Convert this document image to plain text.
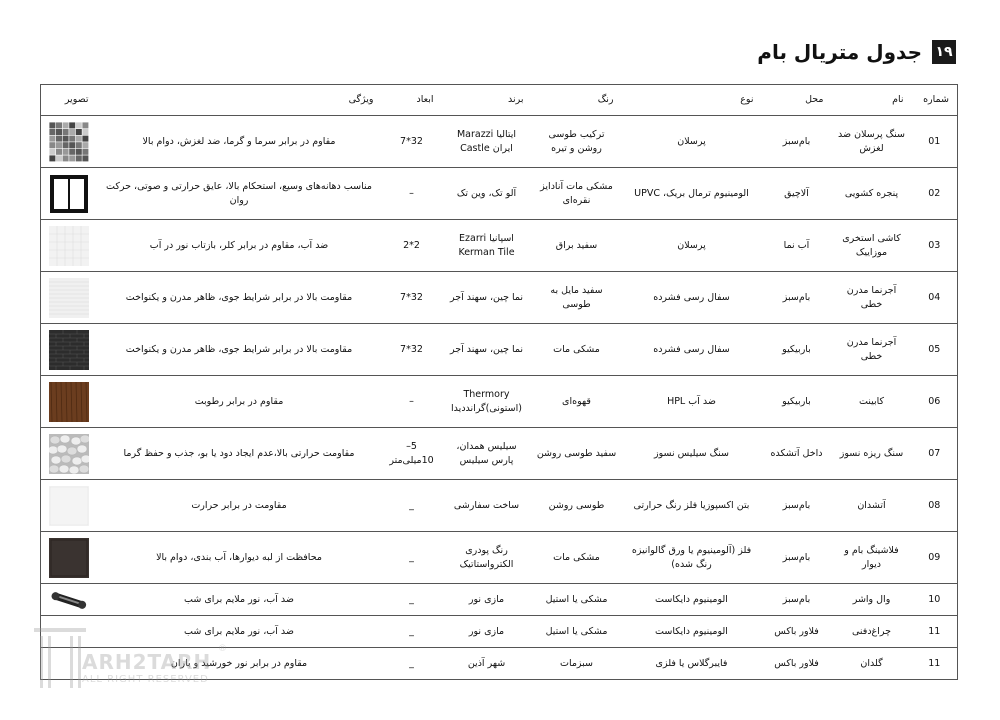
۱۹
جدول متریال بام
شماره	نام	محل	نوع	رنگ	برند	ابعاد	ویژگی	تصویر
01	سنگ پرسلان ضد لغزش	بام‌سبز	پرسلان	ترکیب طوسی روشن و تیره	ایتالیا Marazzi ایران Castle	32*7	مقاوم در برابر سرما و گرما، ضد لغزش، دوام بالا	

02	پنجره کشویی	آلاچیق	الومینیوم ترمال بریک، UPVC	مشکی مات آنادایز نقره‌ای	آلو تک، وین تک	–	مناسب دهانه‌های وسیع، استحکام بالا، عایق حرارتی و صوتی، حرکت روان	

03	کاشی استخری موزاییک	آب نما	پرسلان	سفید براق	اسپانیا Ezarri Kerman Tile	2*2	ضد آب، مقاوم در برابر کلر، بازتاب نور در آب	

04	آجرنما مدرن خطی	بام‌سبز	سفال رسی فشرده	سفید مایل به طوسی	نما چین، سهند آجر	32*7	مقاومت بالا در برابر شرایط جوی، ظاهر مدرن و یکنواخت	

05	آجرنما مدرن خطی	باربیکیو	سفال رسی فشرده	مشکی مات	نما چین، سهند آجر	32*7	مقاومت بالا در برابر شرایط جوی، ظاهر مدرن و یکنواخت	

06	کابینت	باربیکیو	ضد آب HPL	قهوه‌ای	Thermory (استونی)گرانددیدا	–	مقاوم در برابر رطوبت	

07	سنگ ریزه نسوز	داخل آتشکده	سنگ سیلیس نسوز	سفید طوسی روشن	سیلیس همدان، پارس سیلیس	5–10میلی‌متر	مقاومت حرارتی بالا،عدم ایجاد دود یا بو، جذب و حفظ گرما	

08	آتشدان	بام‌سبز	بتن اکسپوزیا فلز رنگ حرارتی	طوسی روشن	ساخت سفارشی	_	مقاومت در برابر حرارت	

09	فلاشینگ بام و دیوار	بام‌سبز	فلز (آلومینیوم یا ورق گالوانیزه رنگ شده)	مشکی مات	رنگ پودری الکترواستاتیک	_	محافظت از لبه دیوارها، آب بندی، دوام بالا	

10	وال واشر	بام‌سبز	الومینیوم دایکاست	مشکی یا استیل	مازی نور	_	ضد آب، نور ملایم برای شب	

11	چراغ‌دفنی	فلاور باکس	الومینیوم دایکاست	مشکی یا استیل	مازی نور	_	ضد آب، نور ملایم برای شب	
11	گلدان	فلاور باکس	فایبرگلاس یا فلزی	سبز‌مات	شهر آذین	_	مقاوم در برابر نور خورشید و باران	
ARH2TARH
ALL RIGHT RESERVED
®
